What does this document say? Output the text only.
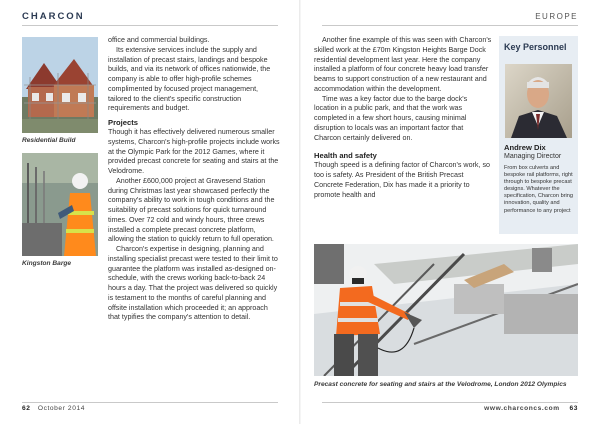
CHARCON
Residential Build
Kingston Barge

office and commercial buildings.

Its extensive services include the supply and installation of precast stairs, landings and bespoke builds, and via its network of offices nationwide, the company is able to offer high-profile schemes complimented by focused project management, tailored to the client's specific construction requirements and budget.

Projects

Though it has effectively delivered numerous smaller systems, Charcon's high-profile projects include works at the Olympic Park for the 2012 Games, where it provided precast concrete for seating and stairs at the Velodrome.

Another £600,000 project at Gravesend Station during Christmas last year showcased perfectly the company's ability to work in tough conditions and the suitability of precast solutions for quick turnaround times. Over 72 cold and windy hours, three crews installed a complete precast concrete platform, allowing the station to quickly return to full operation.

Charcon's expertise in designing, planning and installing specialist precast were tested to their limit to guarantee the platform was installed as-designed on-schedule, with the crews working back-to-back 24 hours a day. That the project was delivered so quickly is testament to the months of careful planning and offsite installation which proceeded it; an approach that typifies the company's attention to detail.

62 October 2014
EUROPE

Another fine example of this was seen with Charcon's skilled work at the £70m Kingston Heights Barge Dock residential development last year. Here the company installed a platform of four concrete heavy load transfer beams to support construction of a new restaurant and accommodation within the development.

Time was a key factor due to the barge dock's location in a public park, and that the work was completed in a few short hours, causing minimal disruption to locals was an important factor that Charcon certainly delivered on.

Health and safety

Though speed is a defining factor of Charcon's work, so too is safety. As President of the British Precast Concrete Federation, Dix has made it a priority to promote health and

Key Personnel
Andrew Dix
Managing Director
From box culverts and bespoke rail platforms, right through to bespoke precast designs. Whatever the specification, Charcon bring innovation, quality and performance to any project
Precast concrete for seating and stairs at the Velodrome, London 2012 Olympics
www.charconcs.com 63
